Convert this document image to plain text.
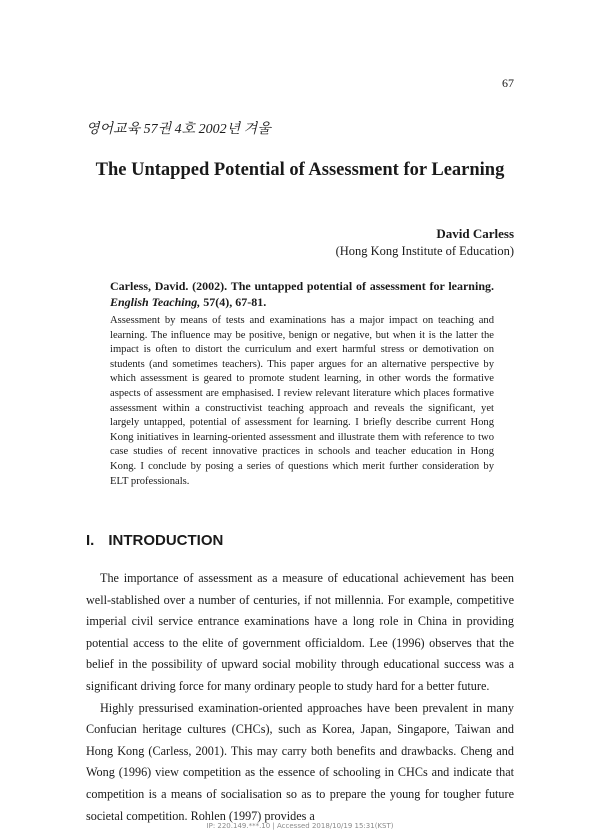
67
영어교육 57권 4호 2002년 겨울
The Untapped Potential of Assessment for Learning
David Carless
(Hong Kong Institute of Education)

Carless, David. (2002). The untapped potential of assessment for learning. English Teaching, 57(4), 67-81.

Assessment by means of tests and examinations has a major impact on teaching and learning. The influence may be positive, benign or negative, but when it is the latter the impact is often to distort the curriculum and exert harmful stress or demotivation on students (and sometimes teachers). This paper argues for an alternative perspective by which assessment is geared to promote student learning, in other words the formative aspects of assessment are emphasised. I review relevant literature which places formative assessment within a constructivist teaching approach and reveals the significant, yet largely untapped, potential of assessment for learning. I briefly describe current Hong Kong initiatives in learning-oriented assessment and illustrate them with reference to two case studies of recent innovative practices in schools and teacher education in Hong Kong. I conclude by posing a series of questions which merit further consideration by ELT professionals.

I. INTRODUCTION

The importance of assessment as a measure of educational achievement has been well-stablished over a number of centuries, if not millennia. For example, competitive imperial civil service entrance examinations have a long role in China in providing potential access to the elite of government officialdom. Lee (1996) observes that the belief in the possibility of upward social mobility through educational success was a significant driving force for many ordinary people to study hard for a better future.

Highly pressurised examination-oriented approaches have been prevalent in many Confucian heritage cultures (CHCs), such as Korea, Japan, Singapore, Taiwan and Hong Kong (Carless, 2001). This may carry both benefits and drawbacks. Cheng and Wong (1996) view competition as the essence of schooling in CHCs and indicate that competition is a means of socialisation so as to prepare the young for tougher future societal competition. Rohlen (1997) provides a

IP: 220.149.***.10 | Accessed 2018/10/19 15:31(KST)
